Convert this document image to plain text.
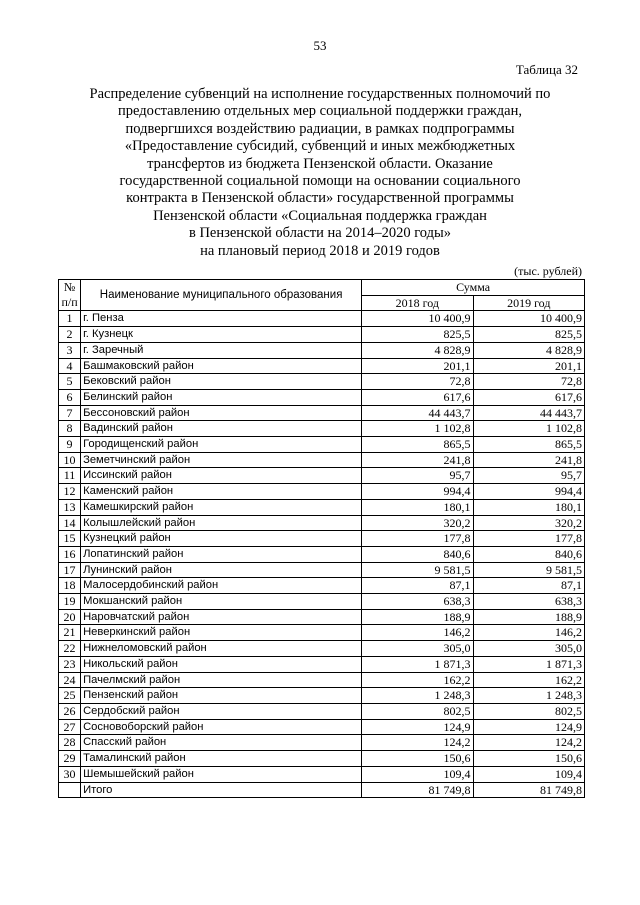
53
Таблица 32
Распределение субвенций на исполнение государственных полномочий по
предоставлению отдельных мер социальной поддержки граждан,
подвергшихся воздействию радиации, в рамках подпрограммы
«Предоставление субсидий, субвенций и иных межбюджетных
трансфертов из бюджета Пензенской области. Оказание
государственной социальной помощи на основании социального
контракта в Пензенской области» государственной программы
Пензенской области «Социальная поддержка граждан
в Пензенской области на 2014–2020 годы»
на плановый период 2018 и 2019 годов
(тыс. рублей)
№
п/п	Наименование муниципального образования	Сумма	
		2018 год	2019 год
1	г. Пенза	10 400,9	10 400,9
2	г. Кузнецк	825,5	825,5
3	г. Заречный	4 828,9	4 828,9
4	Башмаковский район	201,1	201,1
5	Бековский район	72,8	72,8
6	Белинский район	617,6	617,6
7	Бессоновский район	44 443,7	44 443,7
8	Вадинский район	1 102,8	1 102,8
9	Городищенский район	865,5	865,5
10	Земетчинский район	241,8	241,8
11	Иссинский район	95,7	95,7
12	Каменский район	994,4	994,4
13	Камешкирский район	180,1	180,1
14	Колышлейский район	320,2	320,2
15	Кузнецкий район	177,8	177,8
16	Лопатинский район	840,6	840,6
17	Лунинский район	9 581,5	9 581,5
18	Малосердобинский район	87,1	87,1
19	Мокшанский район	638,3	638,3
20	Наровчатский район	188,9	188,9
21	Неверкинский район	146,2	146,2
22	Нижнеломовский район	305,0	305,0
23	Никольский район	1 871,3	1 871,3
24	Пачелмский район	162,2	162,2
25	Пензенский район	1 248,3	1 248,3
26	Сердобский район	802,5	802,5
27	Сосновоборский район	124,9	124,9
28	Спасский район	124,2	124,2
29	Тамалинский район	150,6	150,6
30	Шемышейский район	109,4	109,4
	Итого	81 749,8	81 749,8
